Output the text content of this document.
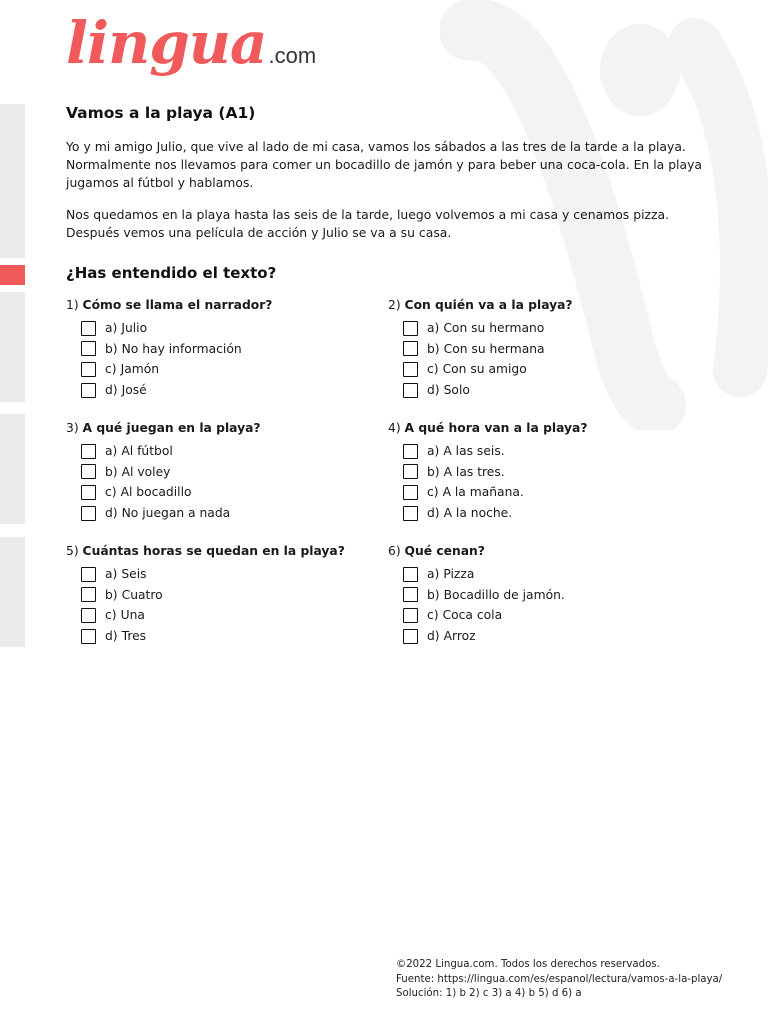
lingua.com
Vamos a la playa (A1)

Yo y mi amigo Julio, que vive al lado de mi casa, vamos los sábados a las tres de la tarde a la playa. Normalmente nos llevamos para comer un bocadillo de jamón y para beber una coca-cola. En la playa jugamos al fútbol y hablamos.

Nos quedamos en la playa hasta las seis de la tarde, luego volvemos a mi casa y cenamos pizza. Después vemos una película de acción y Julio se va a su casa.

¿Has entendido el texto?
1) Cómo se llama el narrador?
a) Julio
b) No hay información
c) Jamón
d) José
2) Con quién va a la playa?
a) Con su hermano
b) Con su hermana
c) Con su amigo
d) Solo
3) A qué juegan en la playa?
a) Al fútbol
b) Al voley
c) Al bocadillo
d) No juegan a nada
4) A qué hora van a la playa?
a) A las seis.
b) A las tres.
c) A la mañana.
d) A la noche.
5) Cuántas horas se quedan en la playa?
a) Seis
b) Cuatro
c) Una
d) Tres
6) Qué cenan?
a) Pizza
b) Bocadillo de jamón.
c) Coca cola
d) Arroz
©2022 Lingua.com. Todos los derechos reservados.
Fuente: https://lingua.com/es/espanol/lectura/vamos-a-la-playa/
Solución: 1) b 2) c 3) a 4) b 5) d 6) a
